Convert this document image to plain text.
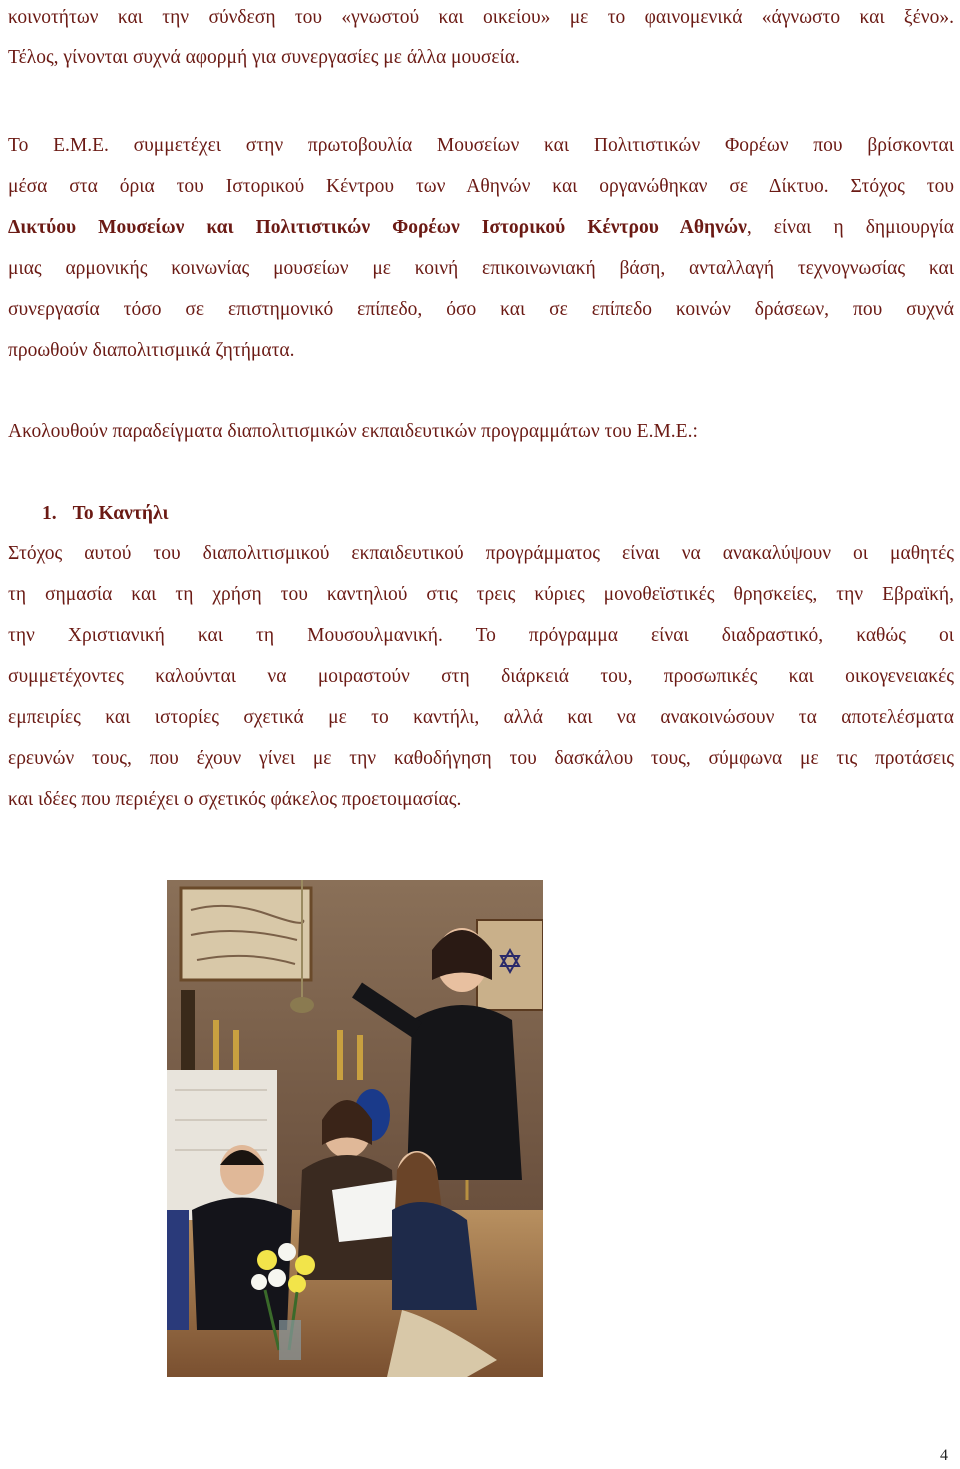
κοινοτήτων και την σύνδεση του «γνωστού και οικείου» με το φαινομενικά «άγνωστο και ξένο».
Τέλος, γίνονται συχνά αφορμή για συνεργασίες με άλλα μουσεία.
Το Ε.Μ.Ε. συμμετέχει στην πρωτοβουλία Μουσείων και Πολιτιστικών Φορέων που βρίσκονται
μέσα στα όρια του Ιστορικού Κέντρου των Αθηνών και οργανώθηκαν σε Δίκτυο. Στόχος του
Δικτύου Μουσείων και Πολιτιστικών Φορέων Ιστορικού Κέντρου Αθηνών, είναι η δημιουργία
μιας αρμονικής κοινωνίας μουσείων με κοινή επικοινωνιακή βάση, ανταλλαγή τεχνογνωσίας και
συνεργασία τόσο σε επιστημονικό επίπεδο, όσο και σε επίπεδο κοινών δράσεων, που συχνά
προωθούν διαπολιτισμικά ζητήματα.
Ακολουθούν παραδείγματα διαπολιτισμικών εκπαιδευτικών προγραμμάτων του Ε.Μ.Ε.:
1. Το Καντήλι
Στόχος αυτού του διαπολιτισμικού εκπαιδευτικού προγράμματος είναι να ανακαλύψουν οι μαθητές
τη σημασία και τη χρήση του καντηλιού στις τρεις κύριες μονοθεϊστικές θρησκείες, την Εβραϊκή,
την Χριστιανική και τη Μουσουλμανική. Το πρόγραμμα είναι διαδραστικό, καθώς οι
συμμετέχοντες καλούνται να μοιραστούν στη διάρκειά του, προσωπικές και οικογενειακές
εμπειρίες και ιστορίες σχετικά με το καντήλι, αλλά και να ανακοινώσουν τα αποτελέσματα
ερευνών τους, που έχουν γίνει με την καθοδήγηση του δασκάλου τους, σύμφωνα με τις προτάσεις
και ιδέες που περιέχει ο σχετικός φάκελος προετοιμασίας.
4
